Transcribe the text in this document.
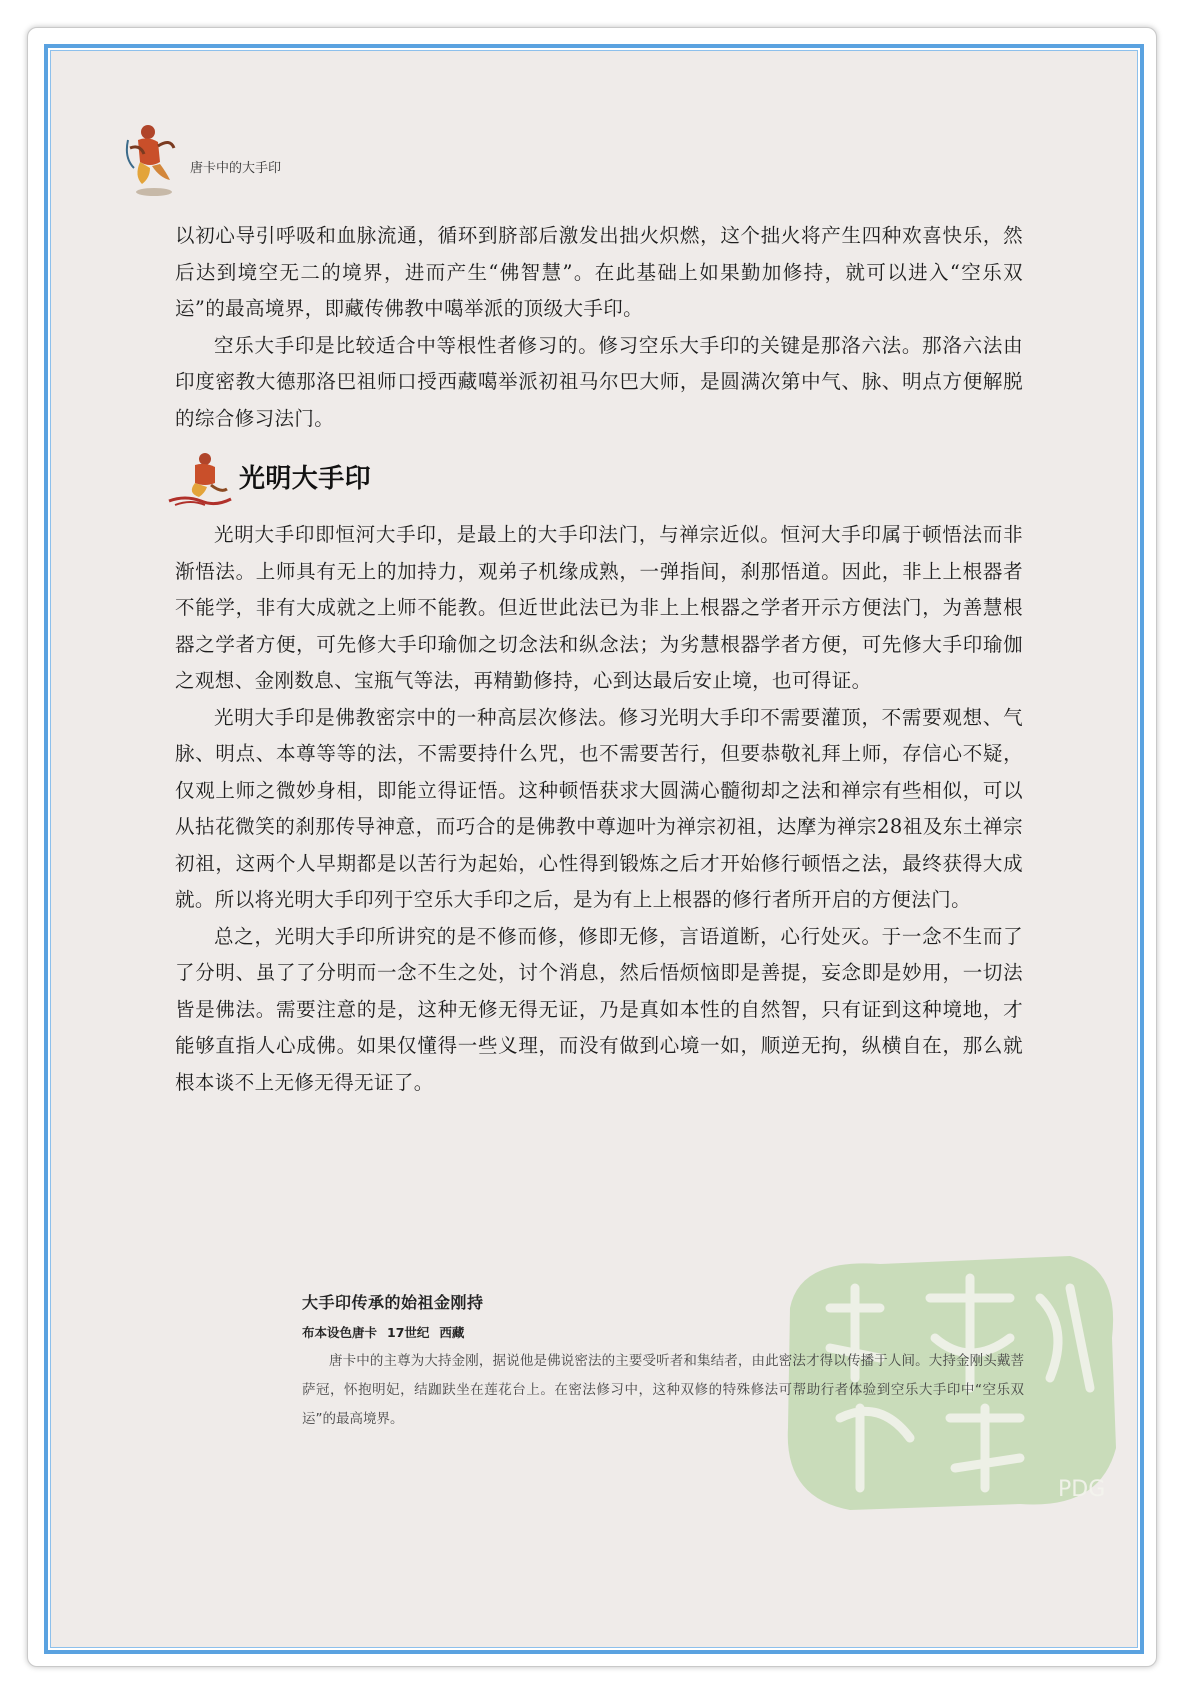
唐卡中的大手印

以初心导引呼吸和血脉流通，循环到脐部后激发出拙火炽燃，这个拙火将产生四种欢喜快乐，然后达到境空无二的境界，进而产生“佛智慧”。在此基础上如果勤加修持，就可以进入“空乐双运”的最高境界，即藏传佛教中噶举派的顶级大手印。

空乐大手印是比较适合中等根性者修习的。修习空乐大手印的关键是那洛六法。那洛六法由印度密教大德那洛巴祖师口授西藏噶举派初祖马尔巴大师，是圆满次第中气、脉、明点方便解脱的综合修习法门。

光明大手印

光明大手印即恒河大手印，是最上的大手印法门，与禅宗近似。恒河大手印属于顿悟法而非渐悟法。上师具有无上的加持力，观弟子机缘成熟，一弹指间，刹那悟道。因此，非上上根器者不能学，非有大成就之上师不能教。但近世此法已为非上上根器之学者开示方便法门，为善慧根器之学者方便，可先修大手印瑜伽之切念法和纵念法；为劣慧根器学者方便，可先修大手印瑜伽之观想、金刚数息、宝瓶气等法，再精勤修持，心到达最后安止境，也可得证。

光明大手印是佛教密宗中的一种高层次修法。修习光明大手印不需要灌顶，不需要观想、气脉、明点、本尊等等的法，不需要持什么咒，也不需要苦行，但要恭敬礼拜上师，存信心不疑，仅观上师之微妙身相，即能立得证悟。这种顿悟获求大圆满心髓彻却之法和禅宗有些相似，可以从拈花微笑的刹那传导神意，而巧合的是佛教中尊迦叶为禅宗初祖，达摩为禅宗28祖及东土禅宗初祖，这两个人早期都是以苦行为起始，心性得到锻炼之后才开始修行顿悟之法，最终获得大成就。所以将光明大手印列于空乐大手印之后，是为有上上根器的修行者所开启的方便法门。

总之，光明大手印所讲究的是不修而修，修即无修，言语道断，心行处灭。于一念不生而了了分明、虽了了分明而一念不生之处，讨个消息，然后悟烦恼即是善提，妄念即是妙用，一切法皆是佛法。需要注意的是，这种无修无得无证，乃是真如本性的自然智，只有证到这种境地，才能够直指人心成佛。如果仅懂得一些义理，而没有做到心境一如，顺逆无拘，纵横自在，那么就根本谈不上无修无得无证了。

PDG
大手印传承的始祖金刚持
布本设色唐卡 17世纪 西藏
唐卡中的主尊为大持金刚，据说他是佛说密法的主要受听者和集结者，由此密法才得以传播于人间。大持金刚头戴菩萨冠，怀抱明妃，结跏趺坐在莲花台上。在密法修习中，这种双修的特殊修法可帮助行者体验到空乐大手印中“空乐双运”的最高境界。
